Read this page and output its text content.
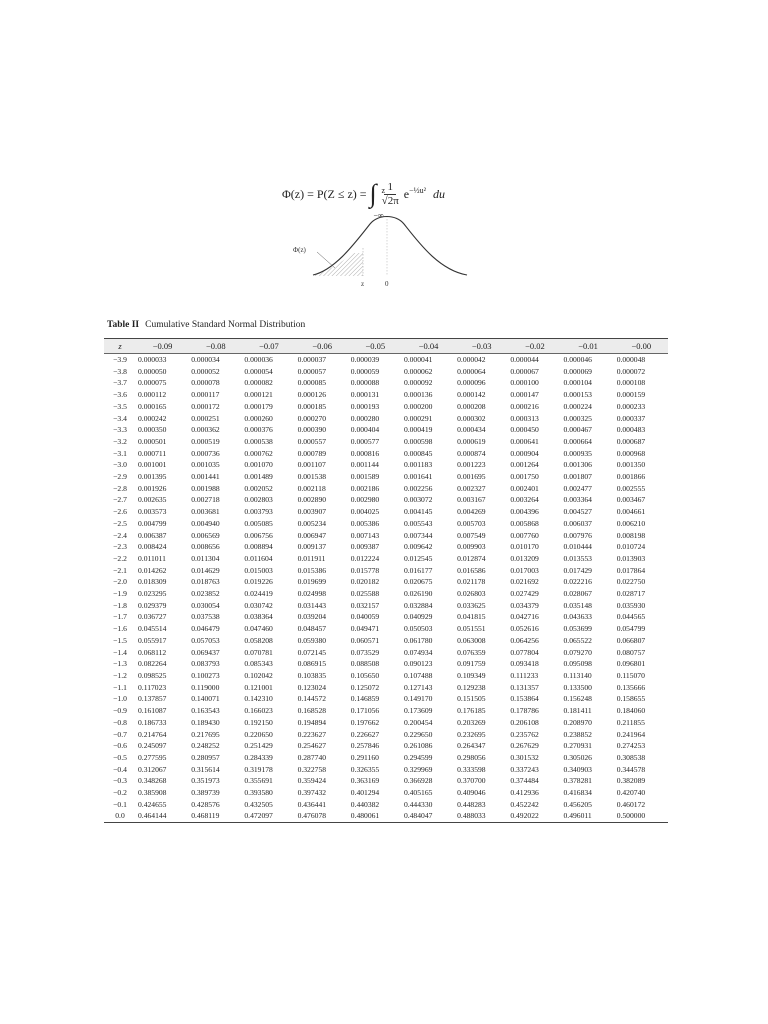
Φ(z) = P(Z ≤ z) = ∫ z
−∞
$\frac{1}{√2\pi} e^{-\frac{1}{2}u^2}$ du
Φ(z)
z	0
Table II Cumulative Standard Normal Distribution
z	−0.09	−0.08	−0.07	−0.06	−0.05	−0.04	−0.03	−0.02	−0.01	−0.00
−3.9	0.000033	0.000034	0.000036	0.000037	0.000039	0.000041	0.000042	0.000044	0.000046	0.000048
−3.8	0.000050	0.000052	0.000054	0.000057	0.000059	0.000062	0.000064	0.000067	0.000069	0.000072
−3.7	0.000075	0.000078	0.000082	0.000085	0.000088	0.000092	0.000096	0.000100	0.000104	0.000108
−3.6	0.000112	0.000117	0.000121	0.000126	0.000131	0.000136	0.000142	0.000147	0.000153	0.000159
−3.5	0.000165	0.000172	0.000179	0.000185	0.000193	0.000200	0.000208	0.000216	0.000224	0.000233
−3.4	0.000242	0.000251	0.000260	0.000270	0.000280	0.000291	0.000302	0.000313	0.000325	0.000337
−3.3	0.000350	0.000362	0.000376	0.000390	0.000404	0.000419	0.000434	0.000450	0.000467	0.000483
−3.2	0.000501	0.000519	0.000538	0.000557	0.000577	0.000598	0.000619	0.000641	0.000664	0.000687
−3.1	0.000711	0.000736	0.000762	0.000789	0.000816	0.000845	0.000874	0.000904	0.000935	0.000968
−3.0	0.001001	0.001035	0.001070	0.001107	0.001144	0.001183	0.001223	0.001264	0.001306	0.001350
−2.9	0.001395	0.001441	0.001489	0.001538	0.001589	0.001641	0.001695	0.001750	0.001807	0.001866
−2.8	0.001926	0.001988	0.002052	0.002118	0.002186	0.002256	0.002327	0.002401	0.002477	0.002555
−2.7	0.002635	0.002718	0.002803	0.002890	0.002980	0.003072	0.003167	0.003264	0.003364	0.003467
−2.6	0.003573	0.003681	0.003793	0.003907	0.004025	0.004145	0.004269	0.004396	0.004527	0.004661
−2.5	0.004799	0.004940	0.005085	0.005234	0.005386	0.005543	0.005703	0.005868	0.006037	0.006210
−2.4	0.006387	0.006569	0.006756	0.006947	0.007143	0.007344	0.007549	0.007760	0.007976	0.008198
−2.3	0.008424	0.008656	0.008894	0.009137	0.009387	0.009642	0.009903	0.010170	0.010444	0.010724
−2.2	0.011011	0.011304	0.011604	0.011911	0.012224	0.012545	0.012874	0.013209	0.013553	0.013903
−2.1	0.014262	0.014629	0.015003	0.015386	0.015778	0.016177	0.016586	0.017003	0.017429	0.017864
−2.0	0.018309	0.018763	0.019226	0.019699	0.020182	0.020675	0.021178	0.021692	0.022216	0.022750
−1.9	0.023295	0.023852	0.024419	0.024998	0.025588	0.026190	0.026803	0.027429	0.028067	0.028717
−1.8	0.029379	0.030054	0.030742	0.031443	0.032157	0.032884	0.033625	0.034379	0.035148	0.035930
−1.7	0.036727	0.037538	0.038364	0.039204	0.040059	0.040929	0.041815	0.042716	0.043633	0.044565
−1.6	0.045514	0.046479	0.047460	0.048457	0.049471	0.050503	0.051551	0.052616	0.053699	0.054799
−1.5	0.055917	0.057053	0.058208	0.059380	0.060571	0.061780	0.063008	0.064256	0.065522	0.066807
−1.4	0.068112	0.069437	0.070781	0.072145	0.073529	0.074934	0.076359	0.077804	0.079270	0.080757
−1.3	0.082264	0.083793	0.085343	0.086915	0.088508	0.090123	0.091759	0.093418	0.095098	0.096801
−1.2	0.098525	0.100273	0.102042	0.103835	0.105650	0.107488	0.109349	0.111233	0.113140	0.115070
−1.1	0.117023	0.119000	0.121001	0.123024	0.125072	0.127143	0.129238	0.131357	0.133500	0.135666
−1.0	0.137857	0.140071	0.142310	0.144572	0.146859	0.149170	0.151505	0.153864	0.156248	0.158655
−0.9	0.161087	0.163543	0.166023	0.168528	0.171056	0.173609	0.176185	0.178786	0.181411	0.184060
−0.8	0.186733	0.189430	0.192150	0.194894	0.197662	0.200454	0.203269	0.206108	0.208970	0.211855
−0.7	0.214764	0.217695	0.220650	0.223627	0.226627	0.229650	0.232695	0.235762	0.238852	0.241964
−0.6	0.245097	0.248252	0.251429	0.254627	0.257846	0.261086	0.264347	0.267629	0.270931	0.274253
−0.5	0.277595	0.280957	0.284339	0.287740	0.291160	0.294599	0.298056	0.301532	0.305026	0.308538
−0.4	0.312067	0.315614	0.319178	0.322758	0.326355	0.329969	0.333598	0.337243	0.340903	0.344578
−0.3	0.348268	0.351973	0.355691	0.359424	0.363169	0.366928	0.370700	0.374484	0.378281	0.382089
−0.2	0.385908	0.389739	0.393580	0.397432	0.401294	0.405165	0.409046	0.412936	0.416834	0.420740
−0.1	0.424655	0.428576	0.432505	0.436441	0.440382	0.444330	0.448283	0.452242	0.456205	0.460172
0.0	0.464144	0.468119	0.472097	0.476078	0.480061	0.484047	0.488033	0.492022	0.496011	0.500000
